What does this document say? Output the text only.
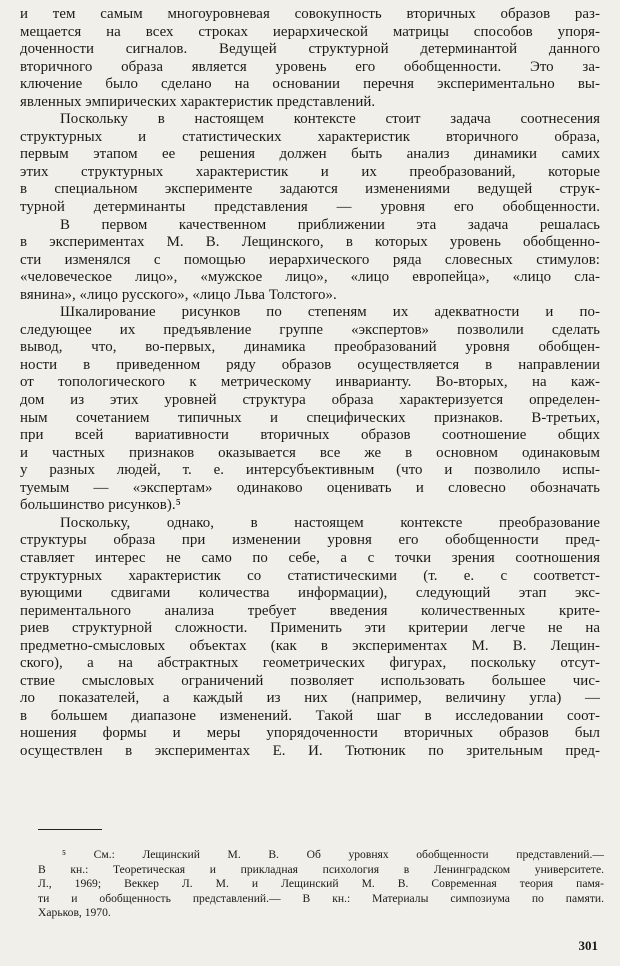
и тем самым многоуровневая совокупность вторичных образов раз-
мещается на всех строках иерархической матрицы способов упоря-
доченности сигналов. Ведущей структурной детерминантой данного
вторичного образа является уровень его обобщенности. Это за-
ключение было сделано на основании перечня экспериментально вы-
явленных эмпирических характеристик представлений.
Поскольку в настоящем контексте стоит задача соотнесения
структурных и статистических характеристик вторичного образа,
первым этапом ее решения должен быть анализ динамики самих
этих структурных характеристик и их преобразований, которые
в специальном эксперименте задаются изменениями ведущей струк-
турной детерминанты представления — уровня его обобщенности.
В первом качественном приближении эта задача решалась
в экспериментах М. В. Лещинского, в которых уровень обобщенно-
сти изменялся с помощью иерархического ряда словесных стимулов:
«человеческое лицо», «мужское лицо», «лицо европейца», «лицо сла-
вянина», «лицо русского», «лицо Льва Толстого».
Шкалирование рисунков по степеням их адекватности и по-
следующее их предъявление группе «экспертов» позволили сделать
вывод, что, во-первых, динамика преобразований уровня обобщен-
ности в приведенном ряду образов осуществляется в направлении
от топологического к метрическому инварианту. Во-вторых, на каж-
дом из этих уровней структура образа характеризуется определен-
ным сочетанием типичных и специфических признаков. В-третьих,
при всей вариативности вторичных образов соотношение общих
и частных признаков оказывается все же в основном одинаковым
у разных людей, т. е. интерсубъективным (что и позволило испы-
туемым — «экспертам» одинаково оценивать и словесно обозначать
большинство рисунков).⁵
Поскольку, однако, в настоящем контексте преобразование
структуры образа при изменении уровня его обобщенности пред-
ставляет интерес не само по себе, а с точки зрения соотношения
структурных характеристик со статистическими (т. е. с соответст-
вующими сдвигами количества информации), следующий этап экс-
периментального анализа требует введения количественных крите-
риев структурной сложности. Применить эти критерии легче не на
предметно-смысловых объектах (как в экспериментах М. В. Лещин-
ского), а на абстрактных геометрических фигурах, поскольку отсут-
ствие смысловых ограничений позволяет использовать большее чис-
ло показателей, а каждый из них (например, величину угла) —
в большем диапазоне изменений. Такой шаг в исследовании соот-
ношения формы и меры упорядоченности вторичных образов был
осуществлен в экспериментах Е. И. Тютюник по зрительным пред-
⁵ См.: Лещинский М. В. Об уровнях обобщенности представлений.—
В кн.: Теоретическая и прикладная психология в Ленинградском университете.
Л., 1969; Веккер Л. М. и Лещинский М. В. Современная теория памя-
ти и обобщенность представлений.— В кн.: Материалы симпозиума по памяти.
Харьков, 1970.
301
